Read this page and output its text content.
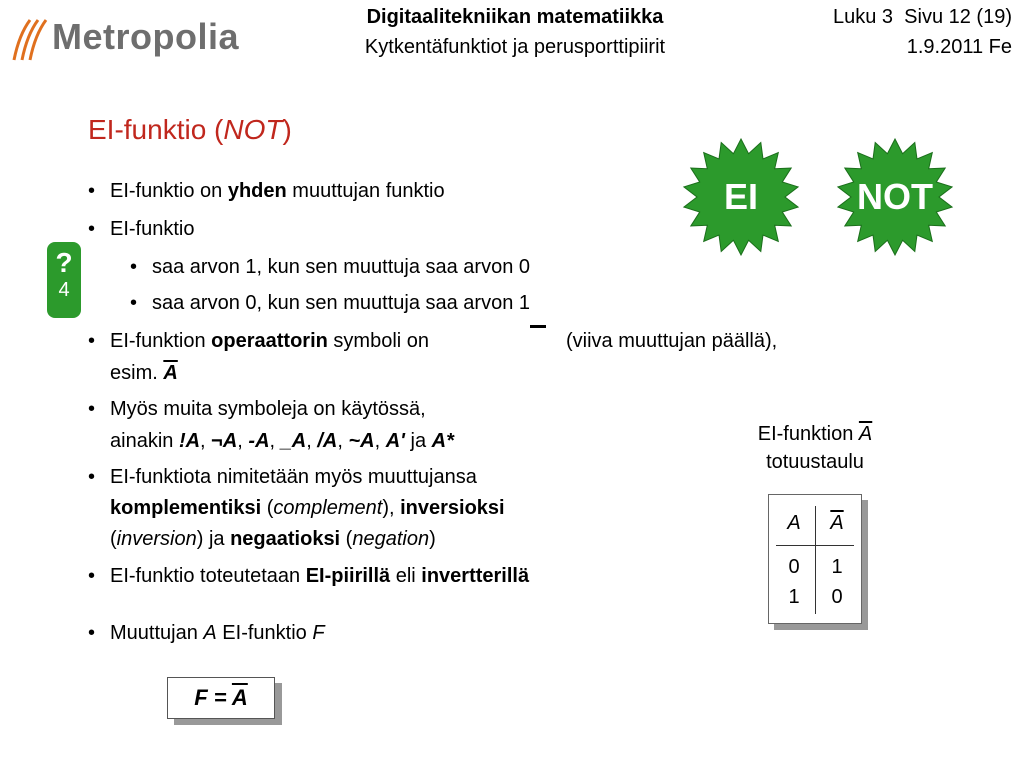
Metropolia	Digitaalitekniikan matematiikka
Kytkentäfunktiot ja perusporttipiirit
Luku 3  Sivu 12 (19)
1.9.2011 Fe
EI-funktio (NOT)
EI	NOT
?
4
• EI-funktio on yhden muuttujan funktio
• EI-funktio
• saa arvon 1, kun sen muuttuja saa arvon 0
• saa arvon 0, kun sen muuttuja saa arvon 1
• EI-funktion operaattorin symboli on	(viiva muuttujan päällä),
esim. $\overline{A}$
• Myös muita symboleja on käytössä,
ainakin !A, ¬A, -A, _A, /A, ~A, A' ja A*
• EI-funktiota nimitetään myös muuttujansa
komplementiksi (complement), inversioksi
(inversion) ja negaatioksi (negation)
• EI-funktio toteutetaan EI-piirillä eli invertterillä
• Muuttujan A EI-funktio F
EI-funktion $\overline{A}$
totuustaulu
A	$\overline{A}$
0	1
1	0
$F = \overline{A}$
